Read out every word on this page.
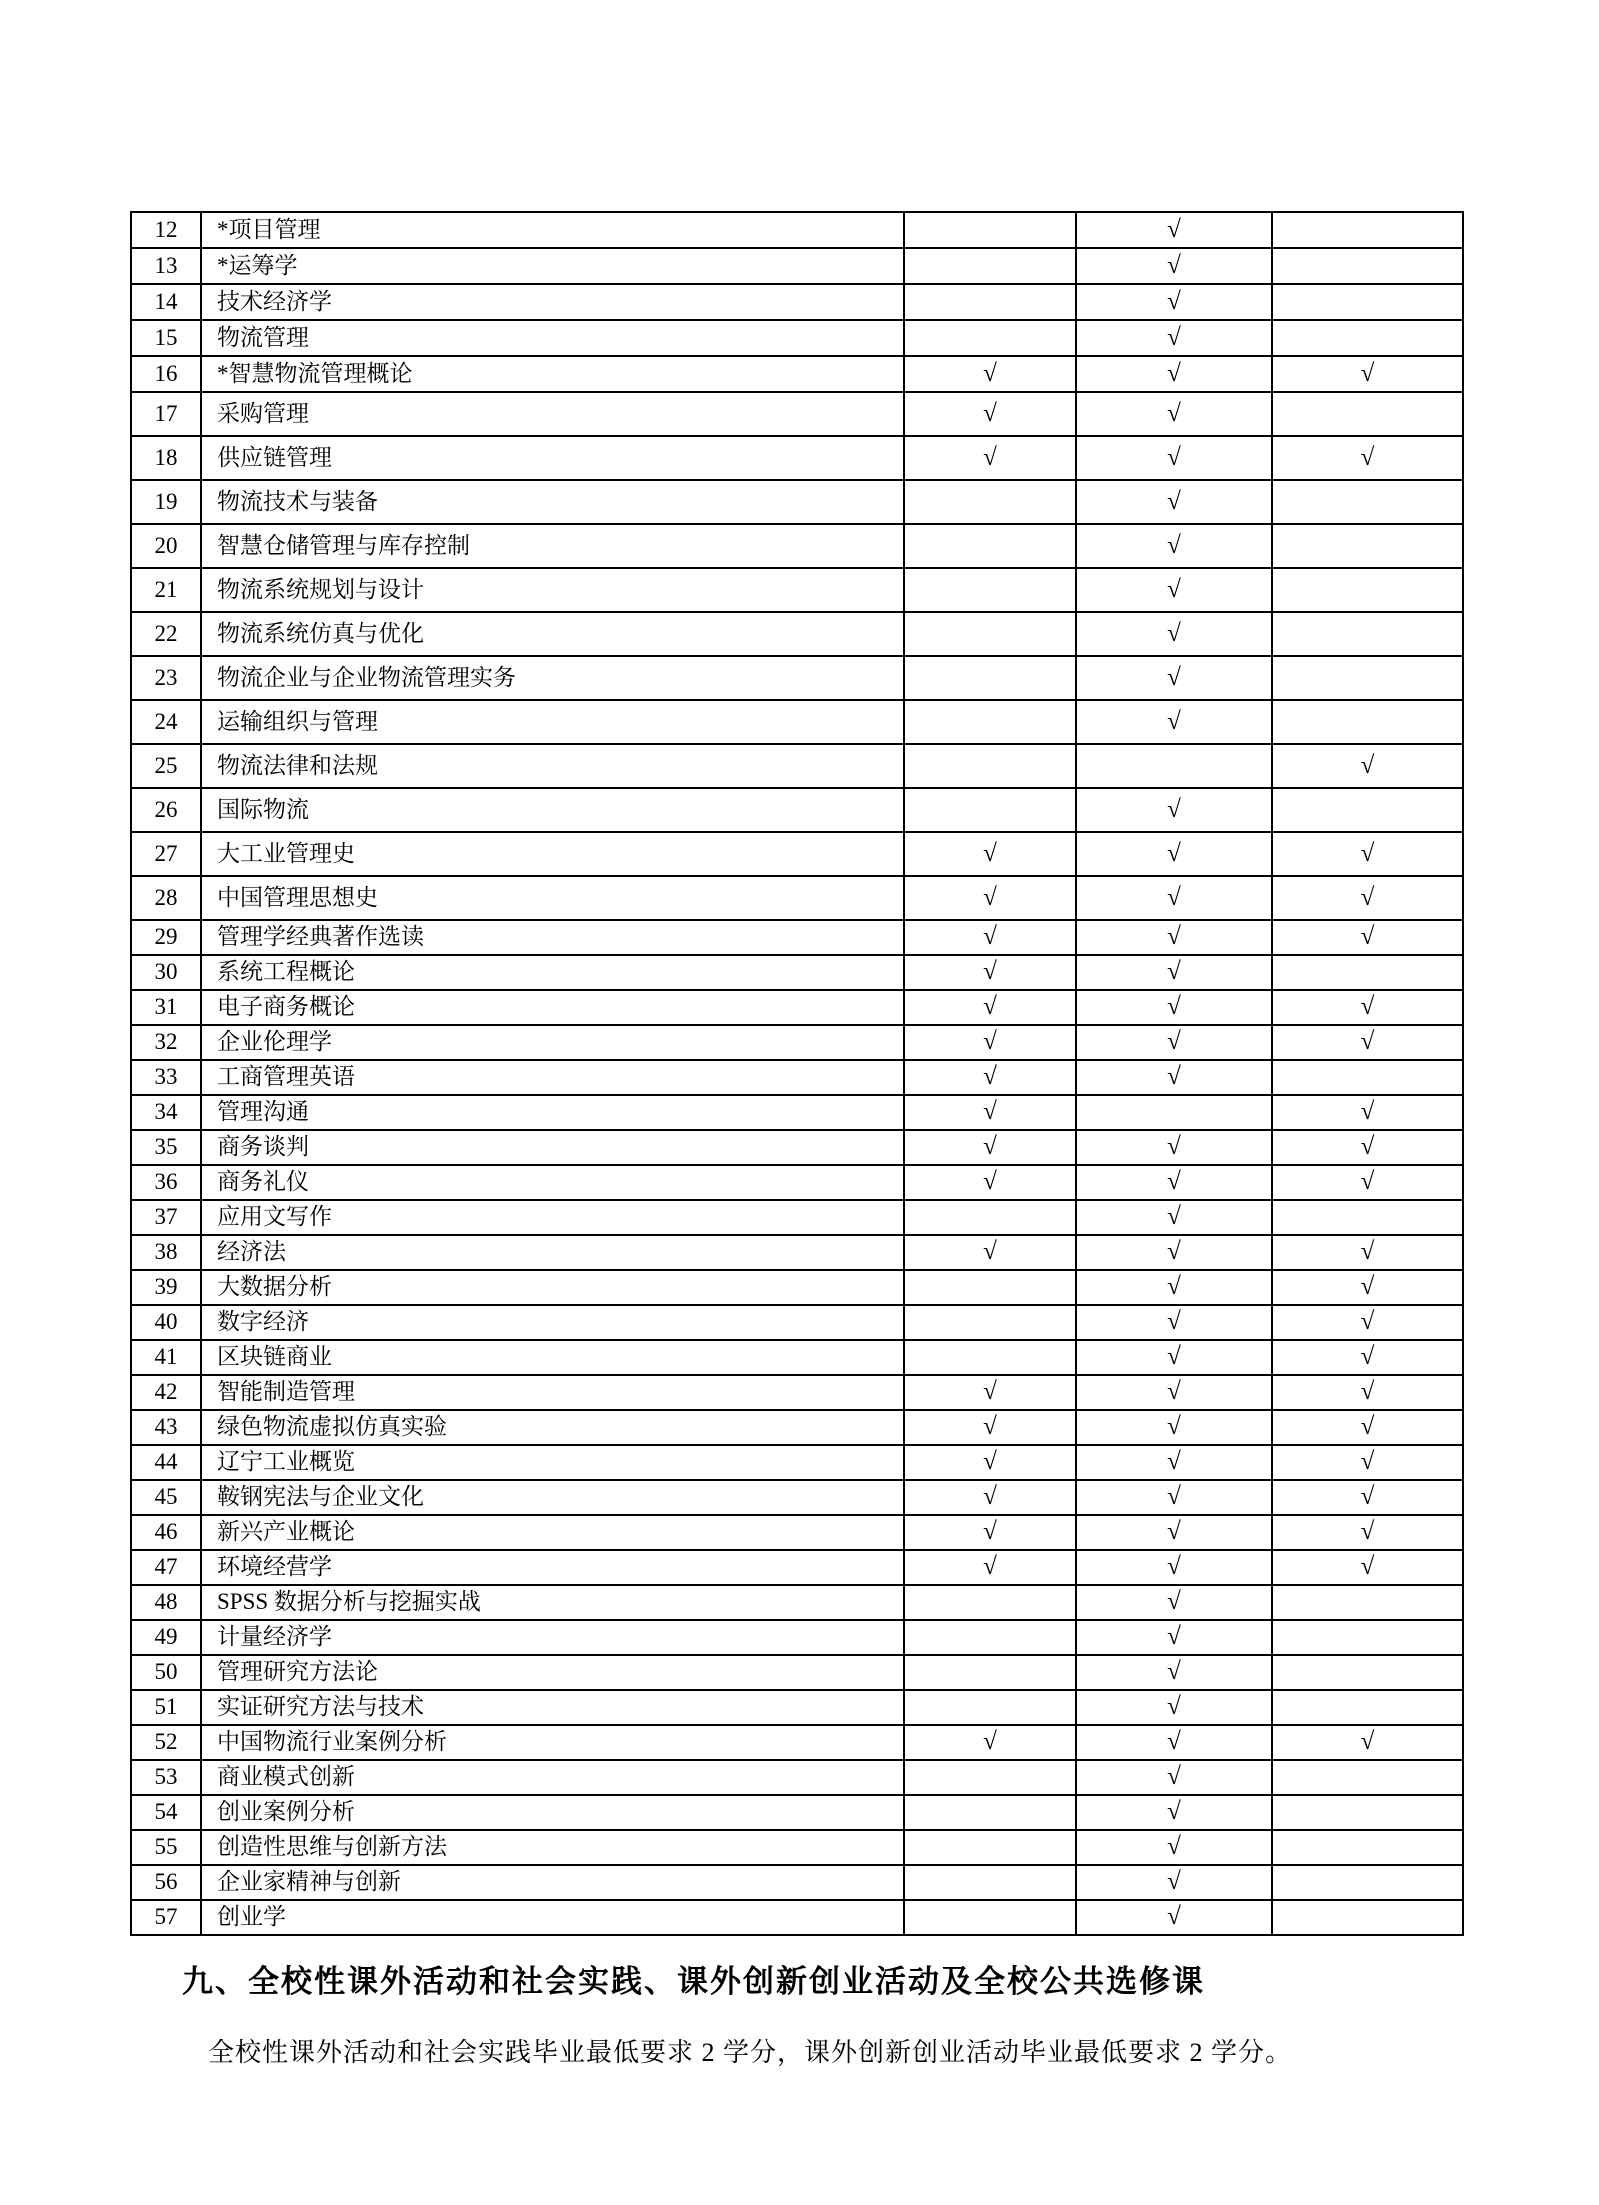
12	*项目管理		√	
13	*运筹学		√	
14	技术经济学		√	
15	物流管理		√	
16	*智慧物流管理概论	√	√	√
17	采购管理	√	√	
18	供应链管理	√	√	√
19	物流技术与装备		√	
20	智慧仓储管理与库存控制		√	
21	物流系统规划与设计		√	
22	物流系统仿真与优化		√	
23	物流企业与企业物流管理实务		√	
24	运输组织与管理		√	
25	物流法律和法规			√
26	国际物流		√	
27	大工业管理史	√	√	√
28	中国管理思想史	√	√	√
29	管理学经典著作选读	√	√	√
30	系统工程概论	√	√	
31	电子商务概论	√	√	√
32	企业伦理学	√	√	√
33	工商管理英语	√	√	
34	管理沟通	√		√
35	商务谈判	√	√	√
36	商务礼仪	√	√	√
37	应用文写作		√	
38	经济法	√	√	√
39	大数据分析		√	√
40	数字经济		√	√
41	区块链商业		√	√
42	智能制造管理	√	√	√
43	绿色物流虚拟仿真实验	√	√	√
44	辽宁工业概览	√	√	√
45	鞍钢宪法与企业文化	√	√	√
46	新兴产业概论	√	√	√
47	环境经营学	√	√	√
48	SPSS 数据分析与挖掘实战		√	
49	计量经济学		√	
50	管理研究方法论		√	
51	实证研究方法与技术		√	
52	中国物流行业案例分析	√	√	√
53	商业模式创新		√	
54	创业案例分析		√	
55	创造性思维与创新方法		√	
56	企业家精神与创新		√	
57	创业学		√	
九、全校性课外活动和社会实践、课外创新创业活动及全校公共选修课
全校性课外活动和社会实践毕业最低要求 2 学分，课外创新创业活动毕业最低要求 2 学分。
